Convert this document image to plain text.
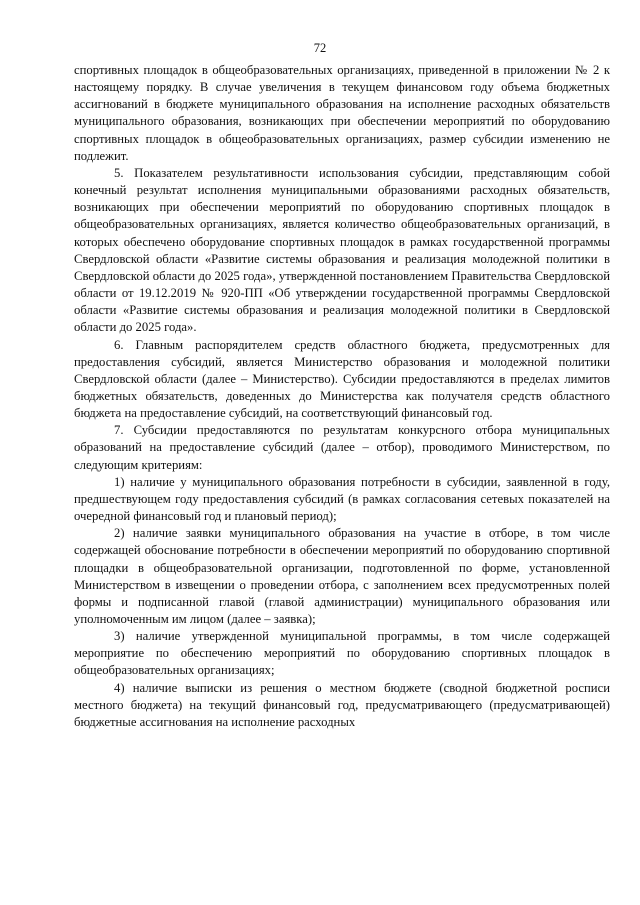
72

спортивных площадок в общеобразовательных организациях, приведенной в приложении № 2 к настоящему порядку. В случае увеличения в текущем финансовом году объема бюджетных ассигнований в бюджете муниципального образования на исполнение расходных обязательств муниципального образования, возникающих при обеспечении мероприятий по оборудованию спортивных площадок в общеобразовательных организациях, размер субсидии изменению не подлежит.

5. Показателем результативности использования субсидии, представляющим собой конечный результат исполнения муниципальными образованиями расходных обязательств, возникающих при обеспечении мероприятий по оборудованию спортивных площадок в общеобразовательных организациях, является количество общеобразовательных организаций, в которых обеспечено оборудование спортивных площадок в рамках государственной программы Свердловской области «Развитие системы образования и реализация молодежной политики в Свердловской области до 2025 года», утвержденной постановлением Правительства Свердловской области от 19.12.2019 № 920-ПП «Об утверждении государственной программы Свердловской области «Развитие системы образования и реализация молодежной политики в Свердловской области до 2025 года».

6. Главным распорядителем средств областного бюджета, предусмотренных для предоставления субсидий, является Министерство образования и молодежной политики Свердловской области (далее – Министерство). Субсидии предоставляются в пределах лимитов бюджетных обязательств, доведенных до Министерства как получателя средств областного бюджета на предоставление субсидий, на соответствующий финансовый год.

7. Субсидии предоставляются по результатам конкурсного отбора муниципальных образований на предоставление субсидий (далее – отбор), проводимого Министерством, по следующим критериям:

1) наличие у муниципального образования потребности в субсидии, заявленной в году, предшествующем году предоставления субсидий (в рамках согласования сетевых показателей на очередной финансовый год и плановый период);

2) наличие заявки муниципального образования на участие в отборе, в том числе содержащей обоснование потребности в обеспечении мероприятий по оборудованию спортивной площадки в общеобразовательной организации, подготовленной по форме, установленной Министерством в извещении о проведении отбора, с заполнением всех предусмотренных полей формы и подписанной главой (главой администрации) муниципального образования или уполномоченным им лицом (далее – заявка);

3) наличие утвержденной муниципальной программы, в том числе содержащей мероприятие по обеспечению мероприятий по оборудованию спортивных площадок в общеобразовательных организациях;

4) наличие выписки из решения о местном бюджете (сводной бюджетной росписи местного бюджета) на текущий финансовый год, предусматривающего (предусматривающей) бюджетные ассигнования на исполнение расходных
